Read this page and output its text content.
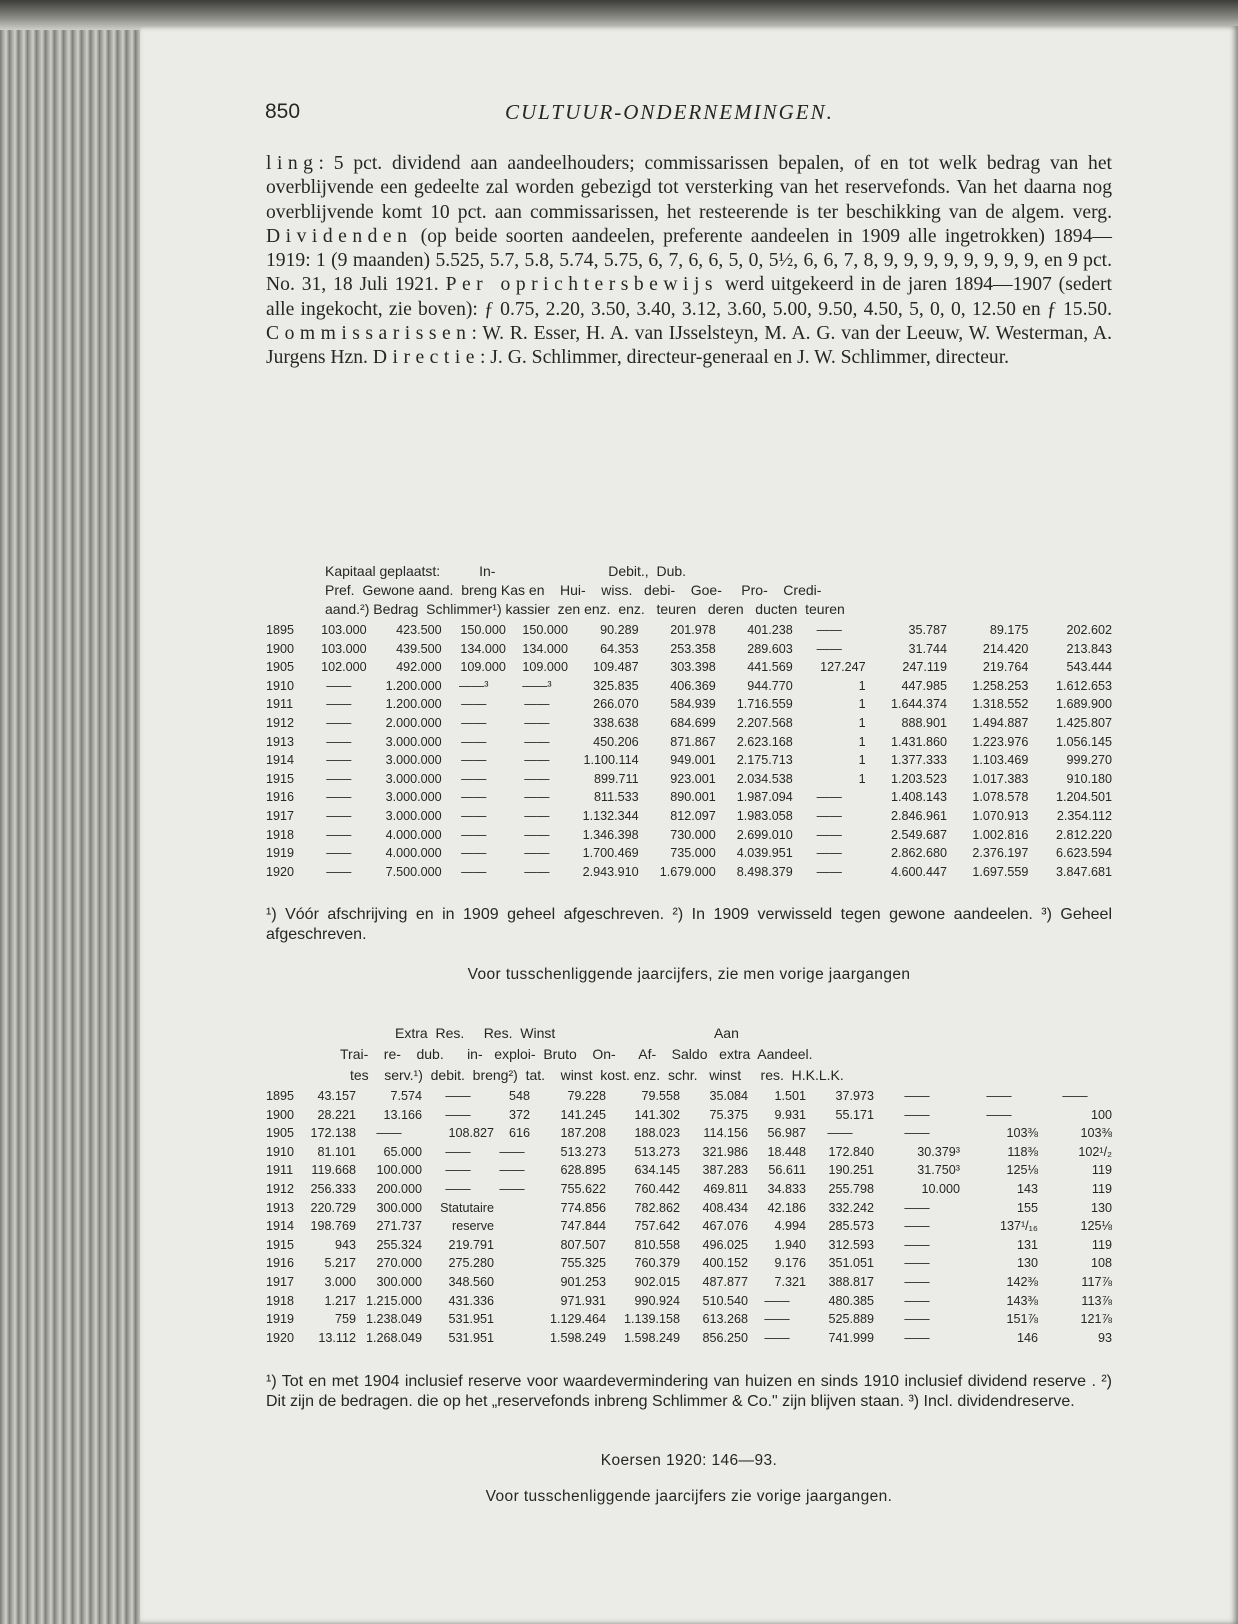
850	CULTUUR-ONDERNEMINGEN.
ling: 5 pct. dividend aan aandeelhouders; commissarissen bepalen, of en tot welk bedrag van het overblijvende een gedeelte zal worden gebezigd tot versterking van het reservefonds. Van het daarna nog overblijvende komt 10 pct. aan commissarissen, het resteerende is ter beschikking van de algem. verg. Dividenden (op beide soorten aandeelen, preferente aandeelen in 1909 alle ingetrokken) 1894—1919: 1 (9 maanden) 5.525, 5.7, 5.8, 5.74, 5.75, 6, 7, 6, 6, 5, 0, 5½, 6, 6, 7, 8, 9, 9, 9, 9, 9, 9, 9, 9, en 9 pct. No. 31, 18 Juli 1921. Per oprichtersbewijs werd uitgekeerd in de jaren 1894—1907 (sedert alle ingekocht, zie boven): ƒ 0.75, 2.20, 3.50, 3.40, 3.12, 3.60, 5.00, 9.50, 4.50, 5, 0, 0, 12.50 en ƒ 15.50. Commissarissen: W. R. Esser, H. A. van IJsselsteyn, M. A. G. van der Leeuw, W. Westerman, A. Jurgens Hzn. Directie: J. G. Schlimmer, directeur-generaal en J. W. Schlimmer, directeur.
Kapitaal geplaatst:          In-                             Debit.,  Dub.
Pref.  Gewone aand.  breng Kas en    Hui-    wiss.   debi-    Goe-     Pro-    Credi-
aand.²) Bedrag  Schlimmer¹) kassier  zen enz.  enz.   teuren   deren   ducten  teuren
1895	103.000	423.500	150.000	150.000	90.289	201.978	401.238	——	35.787	89.175	202.602
1900	103.000	439.500	134.000	134.000	64.353	253.358	289.603	——	31.744	214.420	213.843
1905	102.000	492.000	109.000	109.000	109.487	303.398	441.569	127.247	247.119	219.764	543.444
1910	——	1.200.000	——³	——³	325.835	406.369	944.770	1	447.985	1.258.253	1.612.653
1911	——	1.200.000	——	——	266.070	584.939	1.716.559	1	1.644.374	1.318.552	1.689.900
1912	——	2.000.000	——	——	338.638	684.699	2.207.568	1	888.901	1.494.887	1.425.807
1913	——	3.000.000	——	——	450.206	871.867	2.623.168	1	1.431.860	1.223.976	1.056.145
1914	——	3.000.000	——	——	1.100.114	949.001	2.175.713	1	1.377.333	1.103.469	999.270
1915	——	3.000.000	——	——	899.711	923.001	2.034.538	1	1.203.523	1.017.383	910.180
1916	——	3.000.000	——	——	811.533	890.001	1.987.094	——	1.408.143	1.078.578	1.204.501
1917	——	3.000.000	——	——	1.132.344	812.097	1.983.058	——	2.846.961	1.070.913	2.354.112
1918	——	4.000.000	——	——	1.346.398	730.000	2.699.010	——	2.549.687	1.002.816	2.812.220
1919	——	4.000.000	——	——	1.700.469	735.000	4.039.951	——	2.862.680	2.376.197	6.623.594
1920	——	7.500.000	——	——	2.943.910	1.679.000	8.498.379	——	4.600.447	1.697.559	3.847.681
¹) Vóór afschrijving en in 1909 geheel afgeschreven. ²) In 1909 verwisseld tegen gewone aandeelen. ³) Geheel afgeschreven.
Voor tusschenliggende jaarcijfers, zie men vorige jaargangen
Extra  Res.     Res.  Winst                                         Aan
Trai-    re-    dub.      in-   exploi-  Bruto    On-      Af-    Saldo   extra  Aandeel.
tes    serv.¹)  debit.  breng²)  tat.    winst  kost. enz.  schr.   winst     res.  H.K.L.K.
1895	43.157	7.574	——	548	79.228	79.558	35.084	1.501	37.973	——	——	——
1900	28.221	13.166	——	372	141.245	141.302	75.375	9.931	55.171	——	——	100
1905	172.138	——	108.827	616	187.208	188.023	114.156	56.987	——	——	103⅜	103⅜
1910	81.101	65.000	——	——	513.273	513.273	321.986	18.448	172.840	30.379³	118⅜	102¹/₂
1911	119.668	100.000	——	——	628.895	634.145	387.283	56.611	190.251	31.750³	125⅛	119
1912	256.333	200.000	——	——	755.622	760.442	469.811	34.833	255.798	10.000	143	119
1913	220.729	300.000	Statutaire		774.856	782.862	408.434	42.186	332.242	——	155	130
1914	198.769	271.737	reserve		747.844	757.642	467.076	4.994	285.573	——	137¹/₁₆	125⅛
1915	943	255.324	219.791		807.507	810.558	496.025	1.940	312.593	——	131	119
1916	5.217	270.000	275.280		755.325	760.379	400.152	9.176	351.051	——	130	108
1917	3.000	300.000	348.560		901.253	902.015	487.877	7.321	388.817	——	142⅜	117⅞
1918	1.217	1.215.000	431.336		971.931	990.924	510.540	——	480.385	——	143⅜	113⅞
1919	759	1.238.049	531.951		1.129.464	1.139.158	613.268	——	525.889	——	151⅞	121⅞
1920	13.112	1.268.049	531.951		1.598.249	1.598.249	856.250	——	741.999	——	146	93
¹) Tot en met 1904 inclusief reserve voor waardevermindering van huizen en sinds 1910 inclusief dividend reserve . ²) Dit zijn de bedragen. die op het „reservefonds inbreng Schlimmer & Co." zijn blijven staan. ³) Incl. dividendreserve.
Koersen 1920: 146—93.
Voor tusschenliggende jaarcijfers zie vorige jaargangen.
